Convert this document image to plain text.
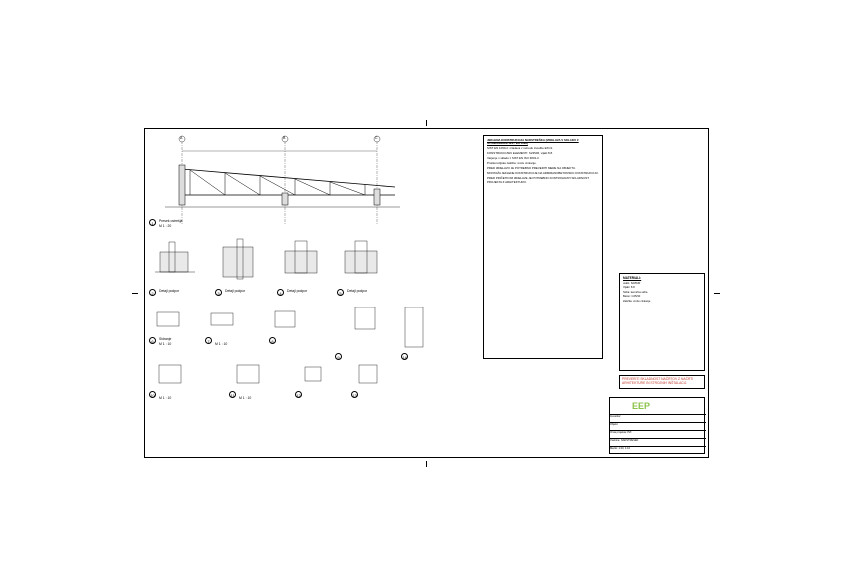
A	B	C
1	Presek ostrešja
M 1 : 20
2	Detajl podpor	3	Detajl podpor	4	Detajl podpor	5	Detajl podpor
6	7	8
9
10	11	12	13
14
Sidranje
M 1 : 10	M 1 : 10
M 1 : 10	M 1 : 10

JEKLENA KONSTRUKCIJA NADSTREŠKA (IZDELAVA V SKLADU Z STANDARDOM SIST EN 1090)

SIST EN 1090-2: izdelava v razredu izvedbe EXC2.

KONSTRUKCIJSKI ELEMENTI: S235JR, vijaki 8.8.

Varjenje v skladu z SIST EN ISO 3834-3.

Protikorozijska zaščita: vroče cinkanje.

PRED IZDELAVO JE POTREBNO PREVERITI MERE NA OBJEKTU.

MONTAŽA JEKLENE KONSTRUKCIJE NA ARMIRANOBETONSKO KONSTRUKCIJO.

PRED PRIČETKOM IZDELAVE JE POTREBNO KONTROLIRATI SKLADNOST PROJEKTA Z ARHITEKTURO.

MATERIALI:

Jeklo: S235JR

Vijaki: 8.8

Sidra: kemična sidra

Beton: C25/30

Zaščita: vroče cinkanje

PREVERITI SKLADNOST NAČRTOV Z NAČRTI ARHITEKTURE IN STROJNIH INŠTALACIJ.
EEP
Investitor:
Objekt:
Vrsta projekta: PZI
Vsebina: NADSTREŠEK
Merilo: 1:20, 1:10
